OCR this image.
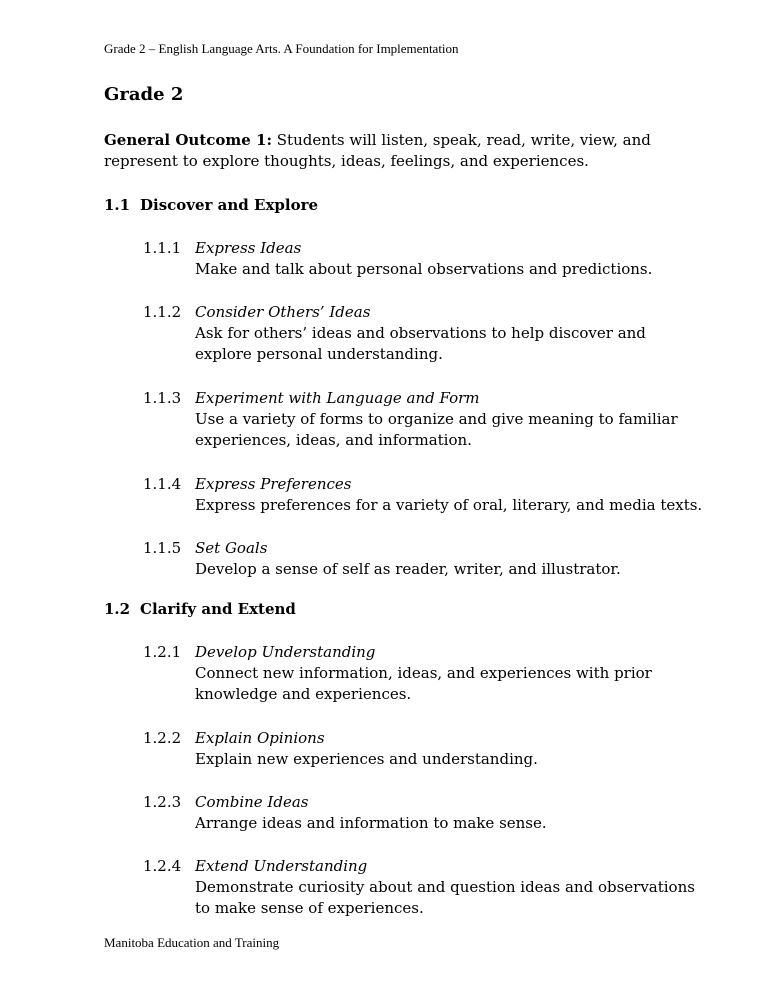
Grade 2 – English Language Arts. A Foundation for Implementation
Grade 2
General Outcome 1: Students will listen, speak, read, write, view, and represent to explore thoughts, ideas, feelings, and experiences.
1.1 Discover and Explore
1.1.1 Express Ideas
Make and talk about personal observations and predictions.
1.1.2 Consider Others’ Ideas
Ask for others’ ideas and observations to help discover and explore personal understanding.
1.1.3 Experiment with Language and Form
Use a variety of forms to organize and give meaning to familiar experiences, ideas, and information.
1.1.4 Express Preferences
Express preferences for a variety of oral, literary, and media texts.
1.1.5 Set Goals
Develop a sense of self as reader, writer, and illustrator.
1.2 Clarify and Extend
1.2.1 Develop Understanding
Connect new information, ideas, and experiences with prior knowledge and experiences.
1.2.2 Explain Opinions
Explain new experiences and understanding.
1.2.3 Combine Ideas
Arrange ideas and information to make sense.
1.2.4 Extend Understanding
Demonstrate curiosity about and question ideas and observations to make sense of experiences.
Manitoba Education and Training
